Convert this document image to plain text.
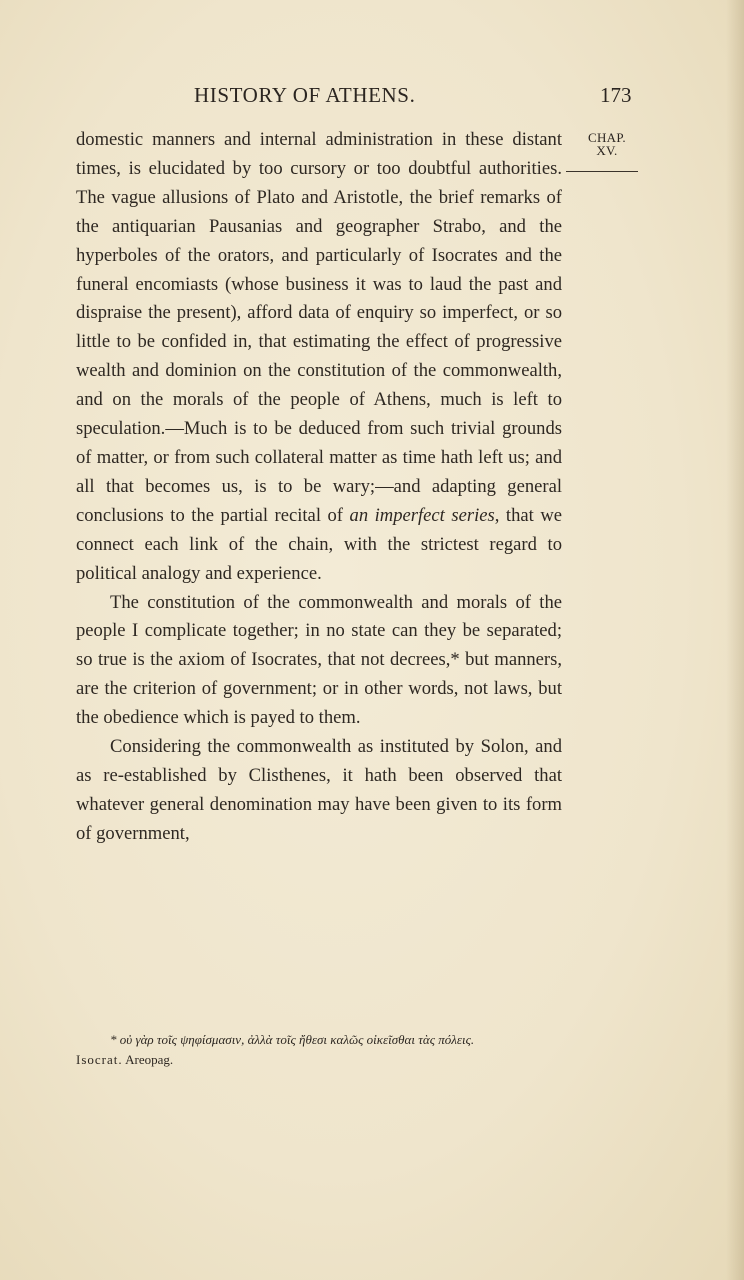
HISTORY OF ATHENS.	173
CHAP.
XV.

domestic manners and internal administration in these distant times, is elucidated by too cursory or too doubtful authorities. The vague allusions of Plato and Aristotle, the brief remarks of the antiquarian Pausanias and geographer Strabo, and the hyperboles of the orators, and particularly of Isocrates and the funeral encomiasts (whose business it was to laud the past and dispraise the present), afford data of enquiry so imperfect, or so little to be confided in, that estimating the effect of progressive wealth and dominion on the constitution of the commonwealth, and on the morals of the people of Athens, much is left to speculation.—Much is to be deduced from such trivial grounds of matter, or from such collateral matter as time hath left us; and all that becomes us, is to be wary;—and adapting general conclusions to the partial recital of an imperfect series, that we connect each link of the chain, with the strictest regard to political analogy and experience.

The constitution of the commonwealth and morals of the people I complicate together; in no state can they be separated; so true is the axiom of Isocrates, that not decrees,* but manners, are the criterion of government; or in other words, not laws, but the obedience which is payed to them.

Considering the commonwealth as instituted by Solon, and as re-established by Clisthenes, it hath been observed that whatever general denomination may have been given to its form of government,

* οὐ γὰρ τοῖς ψηφίσμασιν, ἀλλὰ τοῖς ἤθεσι καλῶς οἰκεῖσθαι τὰς πόλεις.
Isocrat. Areopag.
